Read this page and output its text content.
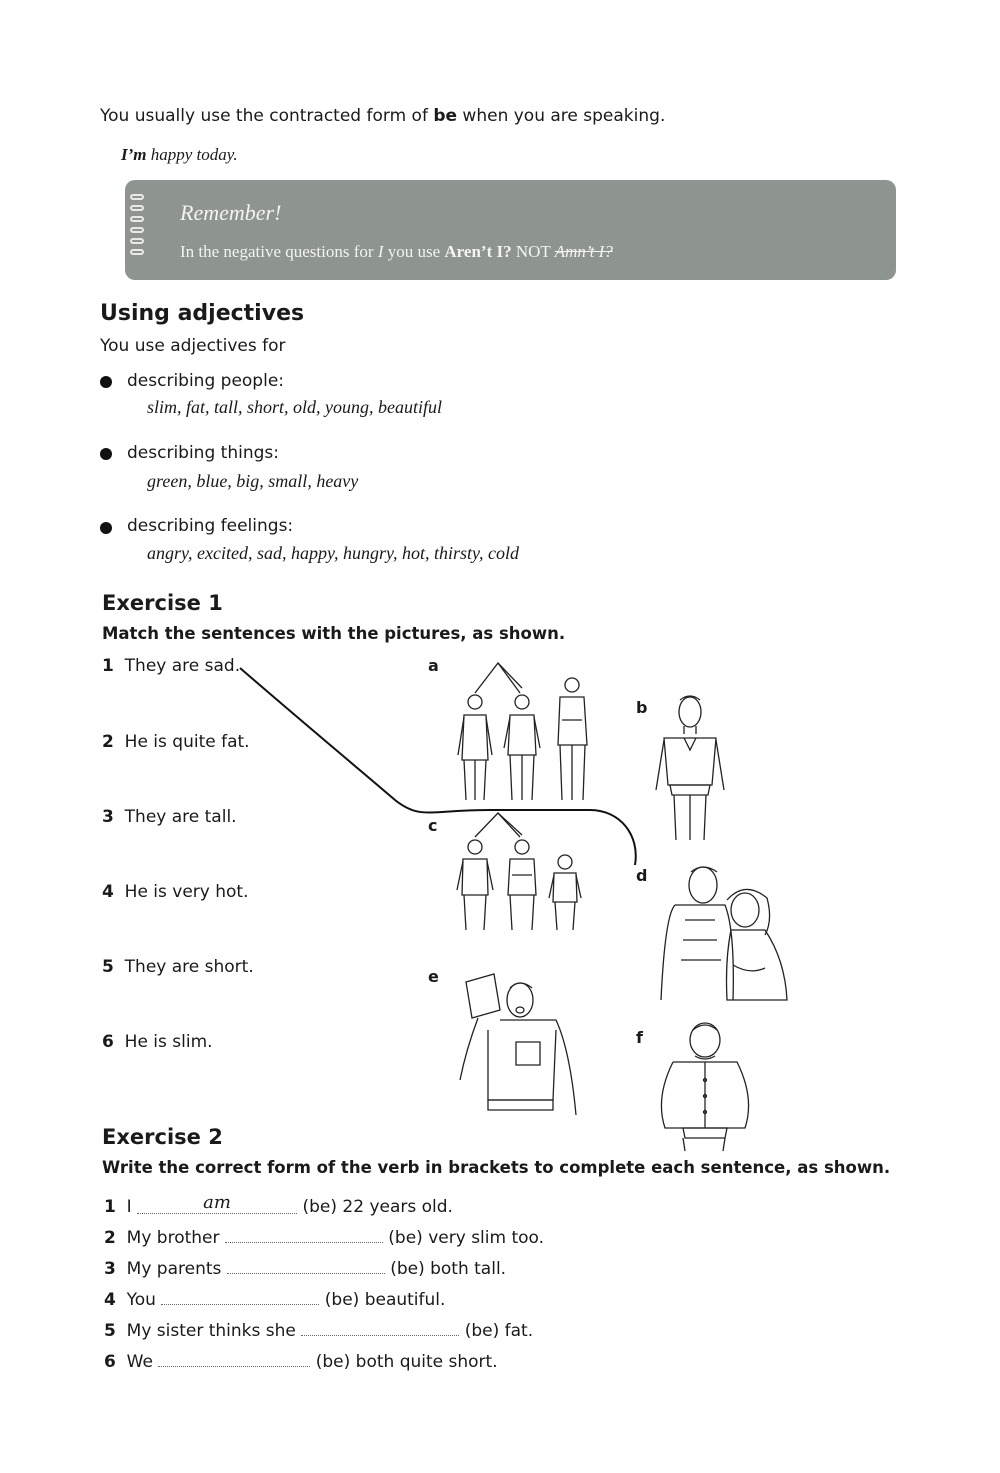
You usually use the contracted form of be when you are speaking.
I’m happy today.
Remember!
In the negative questions for I you use Aren’t I? NOT Amn’t I?
Using adjectives
You use adjectives for
describing people:
slim, fat, tall, short, old, young, beautiful
describing things:
green, blue, big, small, heavy
describing feelings:
angry, excited, sad, happy, hungry, hot, thirsty, cold
Exercise 1
Match the sentences with the pictures, as shown.
1 They are sad.
2 He is quite fat.
3 They are tall.
4 He is very hot.
5 They are short.
6 He is slim.
a
b
c
d
e
f
Exercise 2
Write the correct form of the verb in brackets to complete each sentence, as shown.
1 I	am	(be) 22 years old.
2 My brother	(be) very slim too.
3 My parents	(be) both tall.
4 You	(be) beautiful.
5 My sister thinks she	(be) fat.
6 We	(be) both quite short.
